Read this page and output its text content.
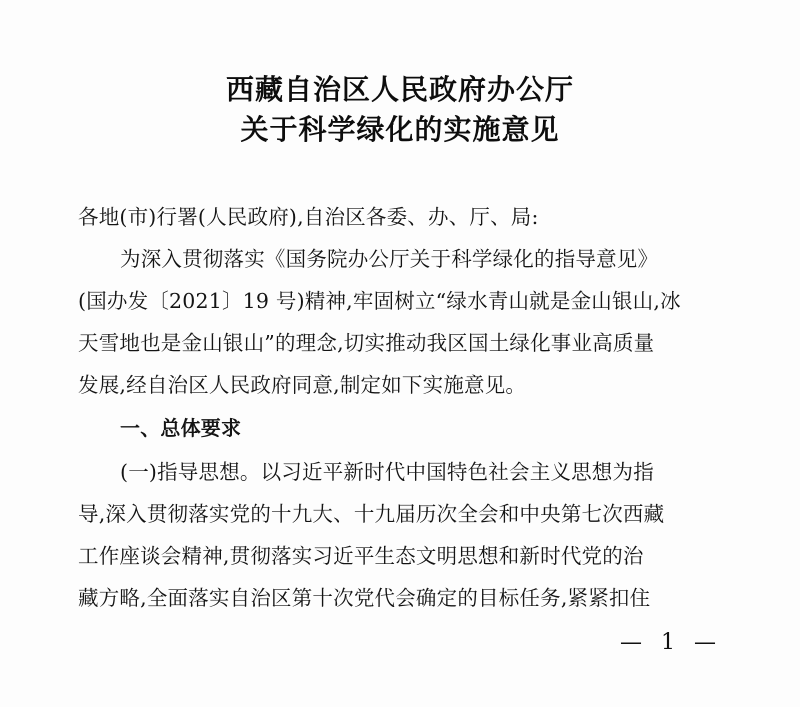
西藏自治区人民政府办公厅
关于科学绿化的实施意见
各地(市)行署(人民政府),自治区各委、办、厅、局:
为深入贯彻落实《国务院办公厅关于科学绿化的指导意见》
(国办发〔2021〕19 号)精神,牢固树立“绿水青山就是金山银山,冰
天雪地也是金山银山”的理念,切实推动我区国土绿化事业高质量
发展,经自治区人民政府同意,制定如下实施意见。
一、总体要求
(一)指导思想。以习近平新时代中国特色社会主义思想为指
导,深入贯彻落实党的十九大、十九届历次全会和中央第七次西藏
工作座谈会精神,贯彻落实习近平生态文明思想和新时代党的治
藏方略,全面落实自治区第十次党代会确定的目标任务,紧紧扣住
— 1 —
